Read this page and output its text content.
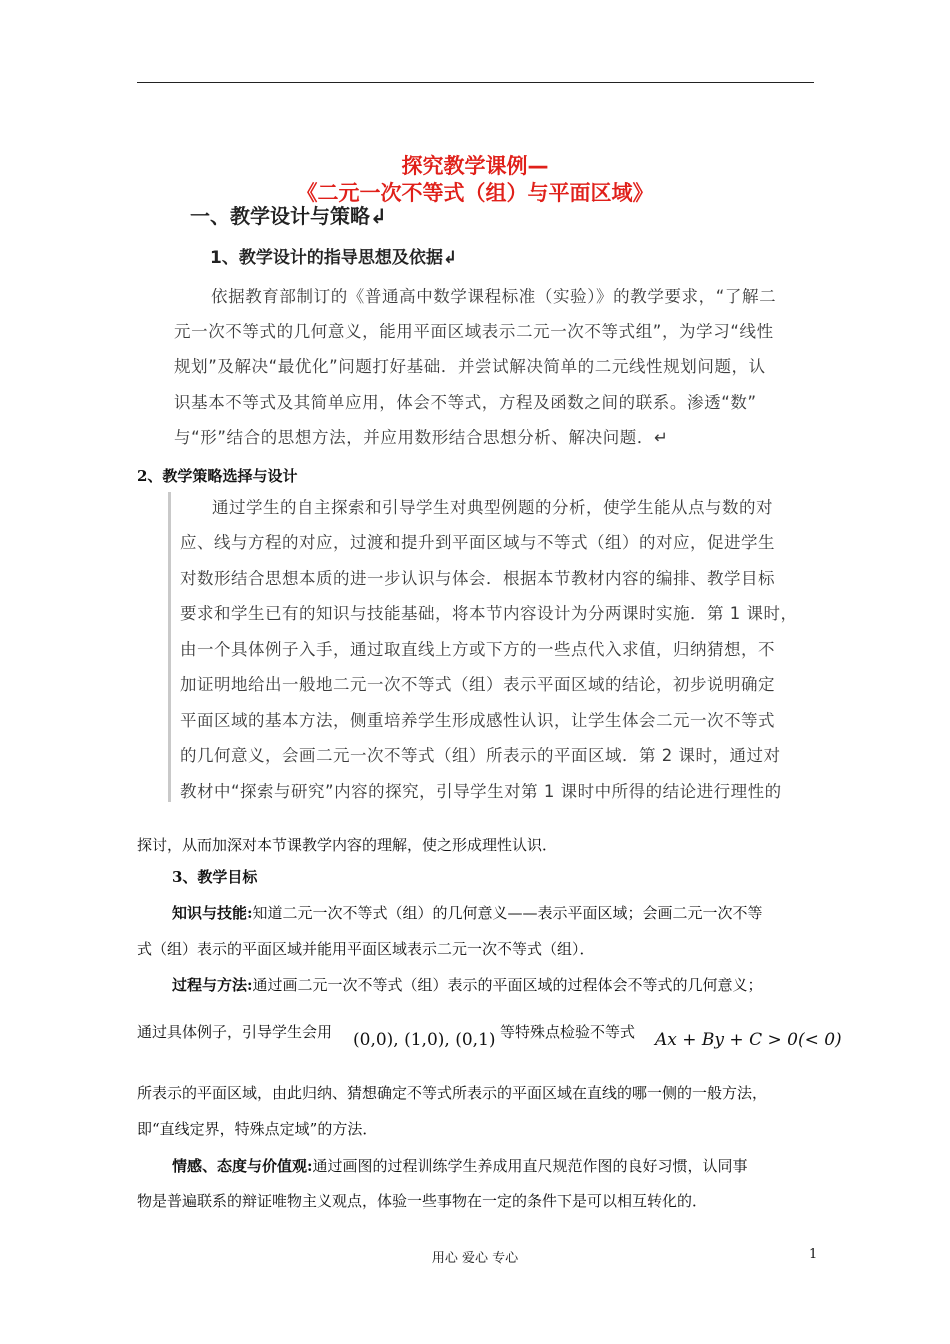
探究教学课例—
《二元一次不等式（组）与平面区域》
一、教学设计与策略↲
1、教学设计的指导思想及依据↲
依据教育部制订的《普通高中数学课程标准（实验）》的教学要求，“了解二
元一次不等式的几何意义，能用平面区域表示二元一次不等式组”，为学习“线性
规划”及解决“最优化”问题打好基础．并尝试解决简单的二元线性规划问题，认
识基本不等式及其简单应用，体会不等式，方程及函数之间的联系。渗透“数”
与“形”结合的思想方法，并应用数形结合思想分析、解决问题．↵
2、教学策略选择与设计
通过学生的自主探索和引导学生对典型例题的分析，使学生能从点与数的对
应、线与方程的对应，过渡和提升到平面区域与不等式（组）的对应，促进学生
对数形结合思想本质的进一步认识与体会．根据本节教材内容的编排、教学目标
要求和学生已有的知识与技能基础，将本节内容设计为分两课时实施．第 1 课时，
由一个具体例子入手，通过取直线上方或下方的一些点代入求值，归纳猜想，不
加证明地给出一般地二元一次不等式（组）表示平面区域的结论，初步说明确定
平面区域的基本方法，侧重培养学生形成感性认识，让学生体会二元一次不等式
的几何意义，会画二元一次不等式（组）所表示的平面区域．第 2 课时，通过对
教材中“探索与研究”内容的探究，引导学生对第 1 课时中所得的结论进行理性的
探讨，从而加深对本节课教学内容的理解，使之形成理性认识．
3、教学目标
知识与技能:知道二元一次不等式（组）的几何意义——表示平面区域；会画二元一次不等
式（组）表示的平面区域并能用平面区域表示二元一次不等式（组）．
过程与方法:通过画二元一次不等式（组）表示的平面区域的过程体会不等式的几何意义；
通过具体例子，引导学生会用 (0,0), (1,0), (0,1) 等特殊点检验不等式 Ax + By + C > 0(< 0)
所表示的平面区域，由此归纳、猜想确定不等式所表示的平面区域在直线的哪一侧的一般方法，
即“直线定界，特殊点定域”的方法．
情感、态度与价值观:通过画图的过程训练学生养成用直尺规范作图的良好习惯，认同事
物是普遍联系的辩证唯物主义观点，体验一些事物在一定的条件下是可以相互转化的．
用心 爱心 专心	1
